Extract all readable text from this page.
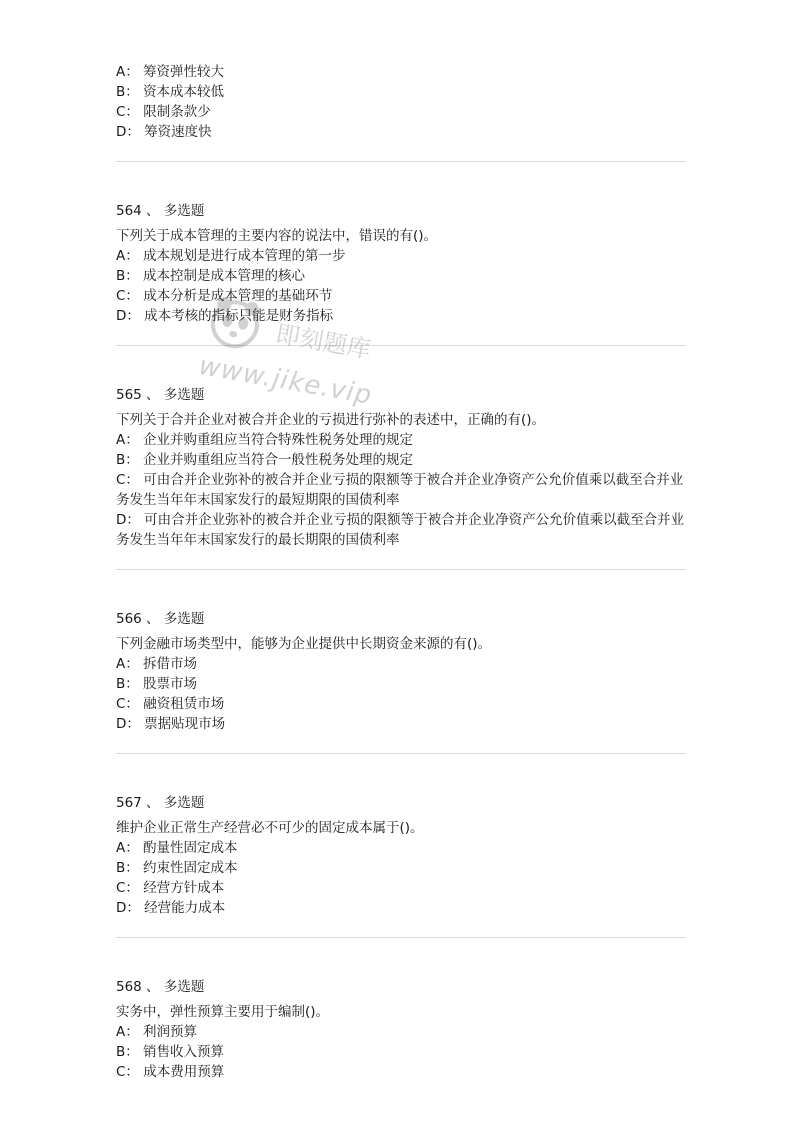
A： 筹资弹性较大
B： 资本成本较低
C： 限制条款少
D： 筹资速度快
564 、 多选题
下列关于成本管理的主要内容的说法中，错误的有()。
A： 成本规划是进行成本管理的第一步
B： 成本控制是成本管理的核心
C： 成本分析是成本管理的基础环节
D： 成本考核的指标只能是财务指标
565 、 多选题
下列关于合并企业对被合并企业的亏损进行弥补的表述中，正确的有()。
A： 企业并购重组应当符合特殊性税务处理的规定
B： 企业并购重组应当符合一般性税务处理的规定
C： 可由合并企业弥补的被合并企业亏损的限额等于被合并企业净资产公允价值乘以截至合并业务发生当年年末国家发行的最短期限的国债利率
D： 可由合并企业弥补的被合并企业亏损的限额等于被合并企业净资产公允价值乘以截至合并业务发生当年年末国家发行的最长期限的国债利率
566 、 多选题
下列金融市场类型中，能够为企业提供中长期资金来源的有()。
A： 拆借市场
B： 股票市场
C： 融资租赁市场
D： 票据贴现市场
567 、 多选题
维护企业正常生产经营必不可少的固定成本属于()。
A： 酌量性固定成本
B： 约束性固定成本
C： 经营方针成本
D： 经营能力成本
568 、 多选题
实务中，弹性预算主要用于编制()。
A： 利润预算
B： 销售收入预算
C： 成本费用预算
即刻题库
www.jike.vip
